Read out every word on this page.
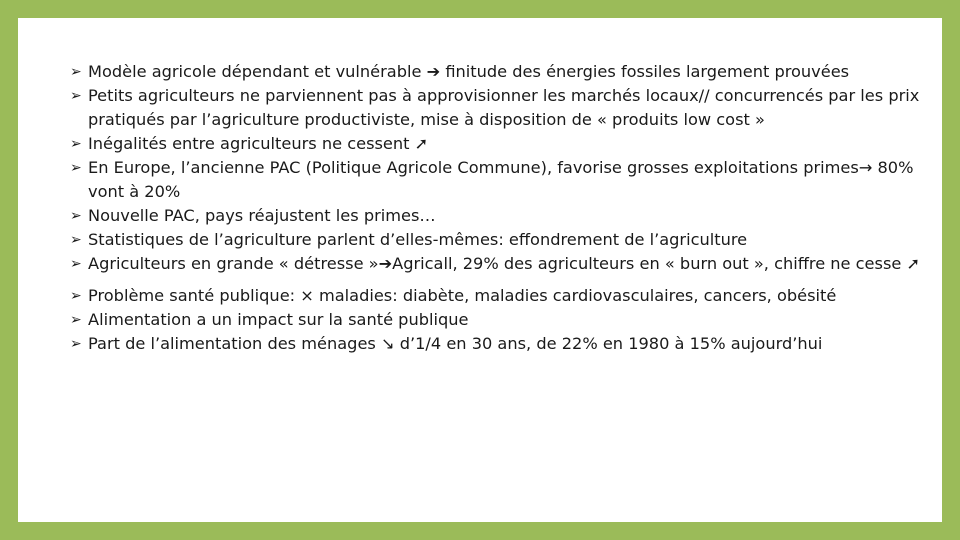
➢ Modèle agricole dépendant et vulnérable ➔ finitude des énergies fossiles largement prouvées
➢ Petits agriculteurs ne parviennent pas à approvisionner les marchés locaux// concurrencés par les prix pratiqués par l’agriculture productiviste, mise à disposition de « produits low cost »
➢ Inégalités entre agriculteurs ne cessent ➚
➢ En Europe, l’ancienne PAC (Politique Agricole Commune), favorise grosses exploitations primes→ 80% vont à 20%
➢ Nouvelle PAC, pays réajustent les primes…
➢ Statistiques de l’agriculture parlent d’elles-mêmes: effondrement de l’agriculture
➢ Agriculteurs en grande « détresse »➔Agricall, 29% des agriculteurs en « burn out », chiffre ne cesse ➚
➢ Problème santé publique: × maladies: diabète, maladies cardiovasculaires, cancers, obésité
➢ Alimentation a un impact sur la santé publique
➢ Part de l’alimentation des ménages ↘ d’1/4 en 30 ans, de 22% en 1980 à 15% aujourd’hui
